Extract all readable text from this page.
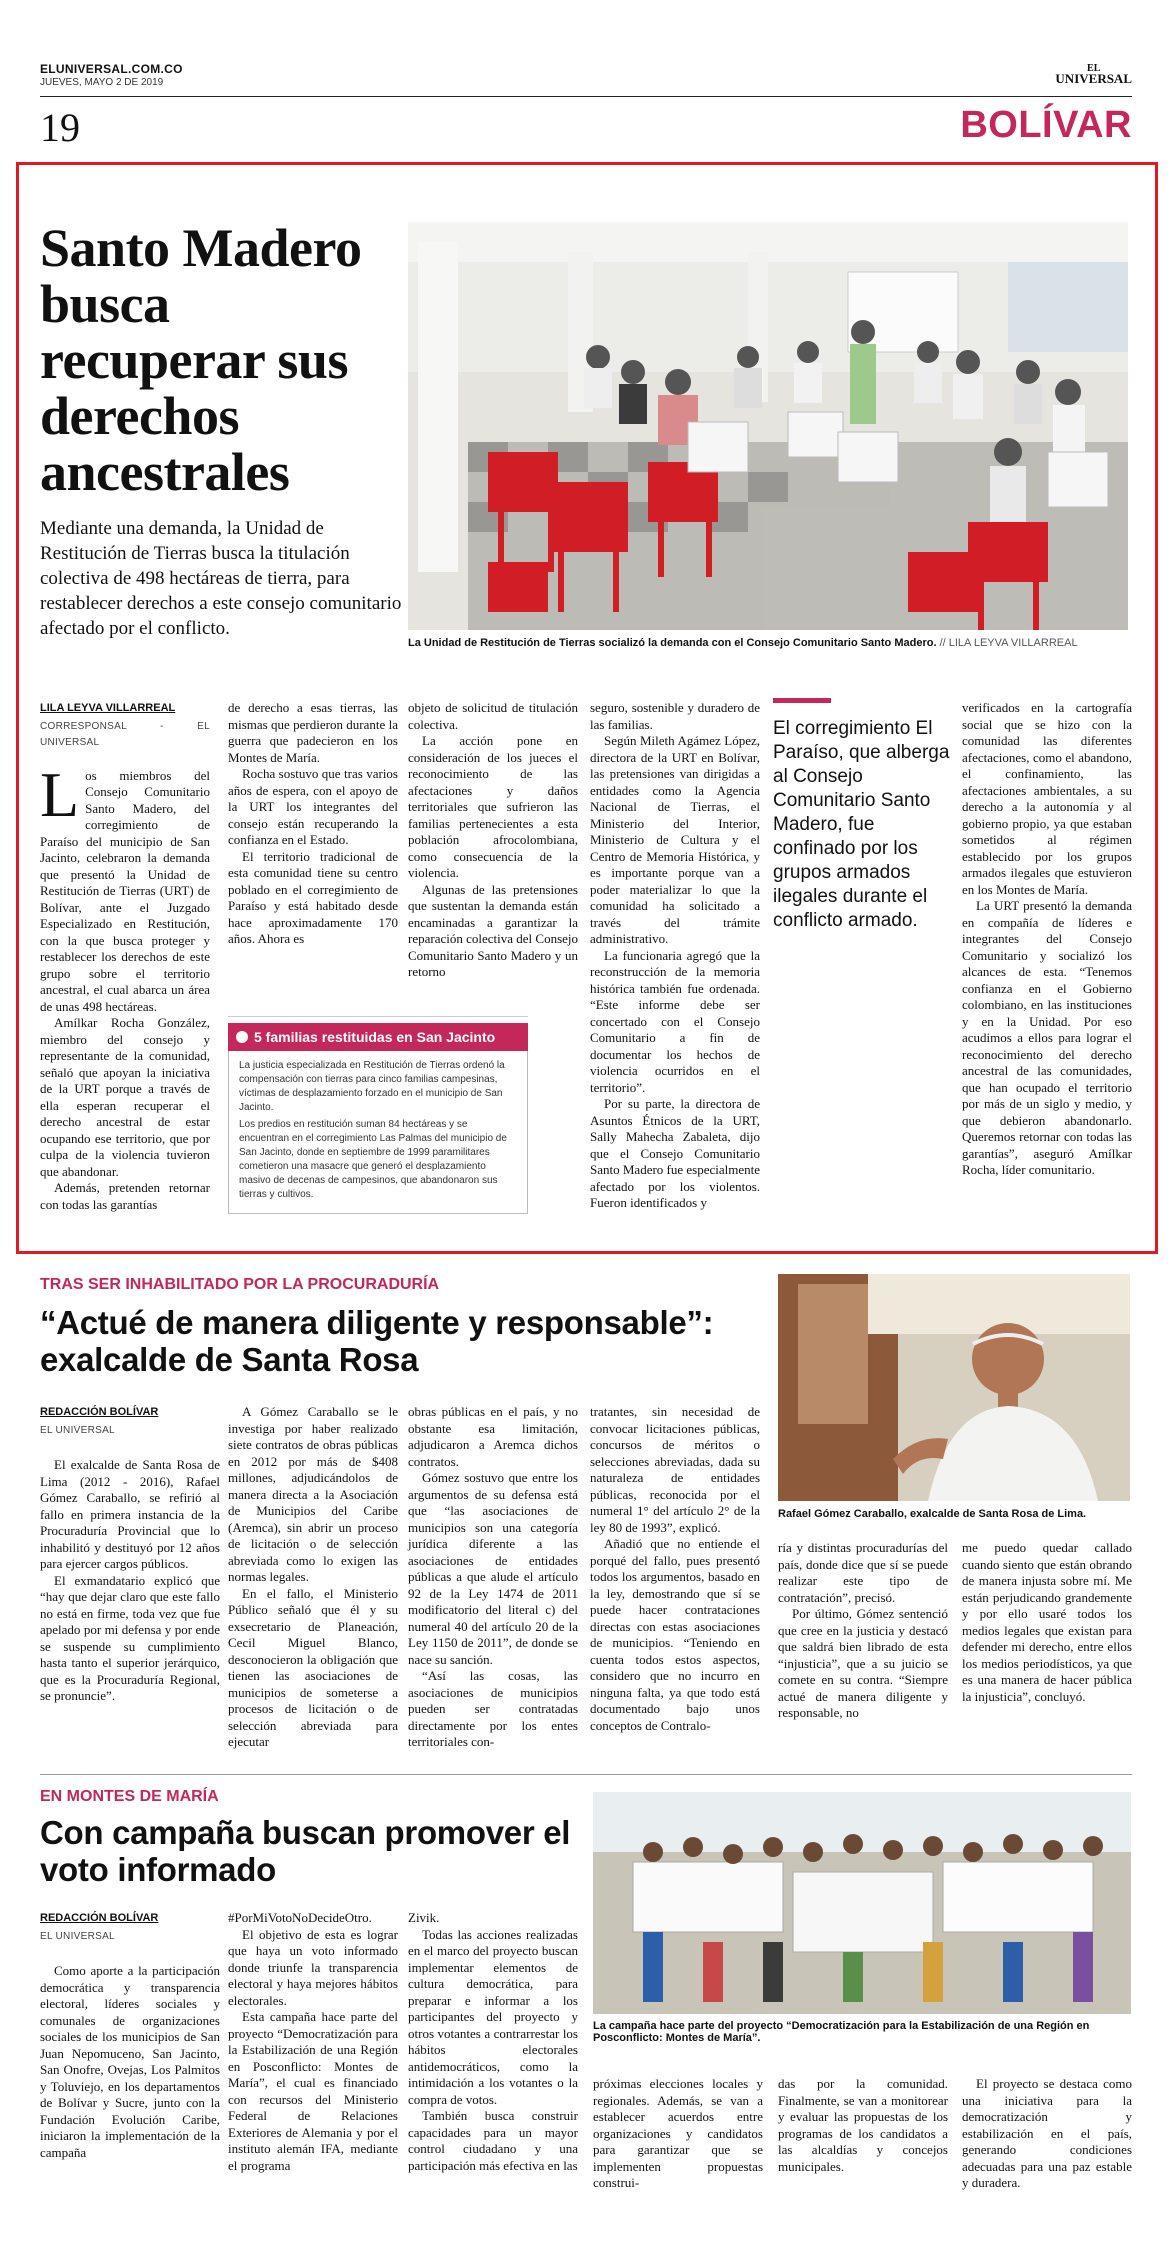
ELUNIVERSAL.COM.CO
JUEVES, MAYO 2 DE 2019
EL
UNIVERSAL
19	BOLÍVAR
Santo Madero busca recuperar sus derechos ancestrales
Mediante una demanda, la Unidad de Restitución de Tierras busca la titulación colectiva de 498 hectáreas de tierra, para restablecer derechos a este consejo comunitario afectado por el conflicto.
La Unidad de Restitución de Tierras socializó la demanda con el Consejo Comunitario Santo Madero. // LILA LEYVA VILLARREAL
LILA LEYVA VILLARREAL
CORRESPONSAL - EL UNIVERSAL

Los miembros del Consejo Comunitario Santo Madero, del corregimiento de Paraíso del municipio de San Jacinto, celebraron la demanda que presentó la Unidad de Restitución de Tierras (URT) de Bolívar, ante el Juzgado Especializado en Restitución, con la que busca proteger y restablecer los derechos de este grupo sobre el territorio ancestral, el cual abarca un área de unas 498 hectáreas.

Amílkar Rocha González, miembro del consejo y representante de la comunidad, señaló que apoyan la iniciativa de la URT porque a través de ella esperan recuperar el derecho ancestral de estar ocupando ese territorio, que por culpa de la violencia tuvieron que abandonar.

Además, pretenden retornar con todas las garantías

de derecho a esas tierras, las mismas que perdieron durante la guerra que padecieron en los Montes de María.

Rocha sostuvo que tras varios años de espera, con el apoyo de la URT los integrantes del consejo están recuperando la confianza en el Estado.

El territorio tradicional de esta comunidad tiene su centro poblado en el corregimiento de Paraíso y está habitado desde hace aproximadamente 170 años. Ahora es

objeto de solicitud de titulación colectiva.

La acción pone en consideración de los jueces el reconocimiento de las afectaciones y daños territoriales que sufrieron las familias pertenecientes a esta población afrocolombiana, como consecuencia de la violencia.

Algunas de las pretensiones que sustentan la demanda están encaminadas a garantizar la reparación colectiva del Consejo Comunitario Santo Madero y un retorno

seguro, sostenible y duradero de las familias.

Según Mileth Agámez López, directora de la URT en Bolívar, las pretensiones van dirigidas a entidades como la Agencia Nacional de Tierras, el Ministerio del Interior, Ministerio de Cultura y el Centro de Memoria Histórica, y es importante porque van a poder materializar lo que la comunidad ha solicitado a través del trámite administrativo.

La funcionaria agregó que la reconstrucción de la memoria histórica también fue ordenada. “Este informe debe ser concertado con el Consejo Comunitario a fin de documentar los hechos de violencia ocurridos en el territorio”.

Por su parte, la directora de Asuntos Étnicos de la URT, Sally Mahecha Zabaleta, dijo que el Consejo Comunitario Santo Madero fue especialmente afectado por los violentos. Fueron identificados y

El corregimiento El Paraíso, que alberga al Consejo Comunitario Santo Madero, fue confinado por los grupos armados ilegales durante el conflicto armado.

verificados en la cartografía social que se hizo con la comunidad las diferentes afectaciones, como el abandono, el confinamiento, las afectaciones ambientales, a su derecho a la autonomía y al gobierno propio, ya que estaban sometidos al régimen establecido por los grupos armados ilegales que estuvieron en los Montes de María.

La URT presentó la demanda en compañía de líderes e integrantes del Consejo Comunitario y socializó los alcances de esta. “Tenemos confianza en el Gobierno colombiano, en las instituciones y en la Unidad. Por eso acudimos a ellos para lograr el reconocimiento del derecho ancestral de las comunidades, que han ocupado el territorio por más de un siglo y medio, y que debieron abandonarlo. Queremos retornar con todas las garantías”, aseguró Amílkar Rocha, líder comunitario.

5 familias restituidas en San Jacinto

La justicia especializada en Restitución de Tierras ordenó la compensación con tierras para cinco familias campesinas, víctimas de desplazamiento forzado en el municipio de San Jacinto.

Los predios en restitución suman 84 hectáreas y se encuentran en el corregimiento Las Palmas del municipio de San Jacinto, donde en septiembre de 1999 paramilitares cometieron una masacre que generó el desplazamiento masivo de decenas de campesinos, que abandonaron sus tierras y cultivos.

TRAS SER INHABILITADO POR LA PROCURADURÍA
“Actué de manera diligente y responsable”: exalcalde de Santa Rosa
Rafael Gómez Caraballo, exalcalde de Santa Rosa de Lima.
REDACCIÓN BOLÍVAR
EL UNIVERSAL

El exalcalde de Santa Rosa de Lima (2012 - 2016), Rafael Gómez Caraballo, se refirió al fallo en primera instancia de la Procuraduría Provincial que lo inhabilitó y destituyó por 12 años para ejercer cargos públicos.

El exmandatario explicó que “hay que dejar claro que este fallo no está en firme, toda vez que fue apelado por mi defensa y por ende se suspende su cumplimiento hasta tanto el superior jerárquico, que es la Procuraduría Regional, se pronuncie”.

A Gómez Caraballo se le investiga por haber realizado siete contratos de obras públicas en 2012 por más de $408 millones, adjudicándolos de manera directa a la Asociación de Municipios del Caribe (Aremca), sin abrir un proceso de licitación o de selección abreviada como lo exigen las normas legales.

En el fallo, el Ministerio Público señaló que él y su exsecretario de Planeación, Cecil Miguel Blanco, desconocieron la obligación que tienen las asociaciones de municipios de someterse a procesos de licitación o de selección abreviada para ejecutar

obras públicas en el país, y no obstante esa limitación, adjudicaron a Aremca dichos contratos.

Gómez sostuvo que entre los argumentos de su defensa está que “las asociaciones de municipios son una categoría jurídica diferente a las asociaciones de entidades públicas a que alude el artículo 92 de la Ley 1474 de 2011 modificatorio del literal c) del numeral 40 del artículo 20 de la Ley 1150 de 2011”, de donde se nace su sanción.

“Así las cosas, las asociaciones de municipios pueden ser contratadas directamente por los entes territoriales con-

tratantes, sin necesidad de convocar licitaciones públicas, concursos de méritos o selecciones abreviadas, dada su naturaleza de entidades públicas, reconocida por el numeral 1° del artículo 2° de la ley 80 de 1993”, explicó.

Añadió que no entiende el porqué del fallo, pues presentó todos los argumentos, basado en la ley, demostrando que sí se puede hacer contrataciones directas con estas asociaciones de municipios. “Teniendo en cuenta todos estos aspectos, considero que no incurro en ninguna falta, ya que todo está documentado bajo unos conceptos de Contralo-

ría y distintas procuradurías del país, donde dice que sí se puede realizar este tipo de contratación”, precisó.

Por último, Gómez sentenció que cree en la justicia y destacó que saldrá bien librado de esta “injusticia”, que a su juicio se comete en su contra. “Siempre actué de manera diligente y responsable, no

me puedo quedar callado cuando siento que están obrando de manera injusta sobre mí. Me están perjudicando grandemente y por ello usaré todos los medios legales que existan para defender mi derecho, entre ellos los medios periodísticos, ya que es una manera de hacer pública la injusticia”, concluyó.

EN MONTES DE MARÍA
Con campaña buscan promover el voto informado
La campaña hace parte del proyecto “Democratización para la Estabilización de una Región en Posconflicto: Montes de María”.
REDACCIÓN BOLÍVAR
EL UNIVERSAL

Como aporte a la participación democrática y transparencia electoral, líderes sociales y comunales de organizaciones sociales de los municipios de San Juan Nepomuceno, San Jacinto, San Onofre, Ovejas, Los Palmitos y Toluviejo, en los departamentos de Bolívar y Sucre, junto con la Fundación Evolución Caribe, iniciaron la implementación de la campaña

#PorMiVotoNoDecideOtro.

El objetivo de esta es lograr que haya un voto informado donde triunfe la transparencia electoral y haya mejores hábitos electorales.

Esta campaña hace parte del proyecto “Democratización para la Estabilización de una Región en Posconflicto: Montes de María”, el cual es financiado con recursos del Ministerio Federal de Relaciones Exteriores de Alemania y por el instituto alemán IFA, mediante el programa

Zivik.

Todas las acciones realizadas en el marco del proyecto buscan implementar elementos de cultura democrática, para preparar e informar a los participantes del proyecto y otros votantes a contrarrestar los hábitos electorales antidemocráticos, como la intimidación a los votantes o la compra de votos.

También busca construir capacidades para un mayor control ciudadano y una participación más efectiva en las

próximas elecciones locales y regionales. Además, se van a establecer acuerdos entre organizaciones y candidatos para garantizar que se implementen propuestas construi-

das por la comunidad. Finalmente, se van a monitorear y evaluar las propuestas de los programas de los candidatos a las alcaldías y concejos municipales.

El proyecto se destaca como una iniciativa para la democratización y estabilización en el país, generando condiciones adecuadas para una paz estable y duradera.
